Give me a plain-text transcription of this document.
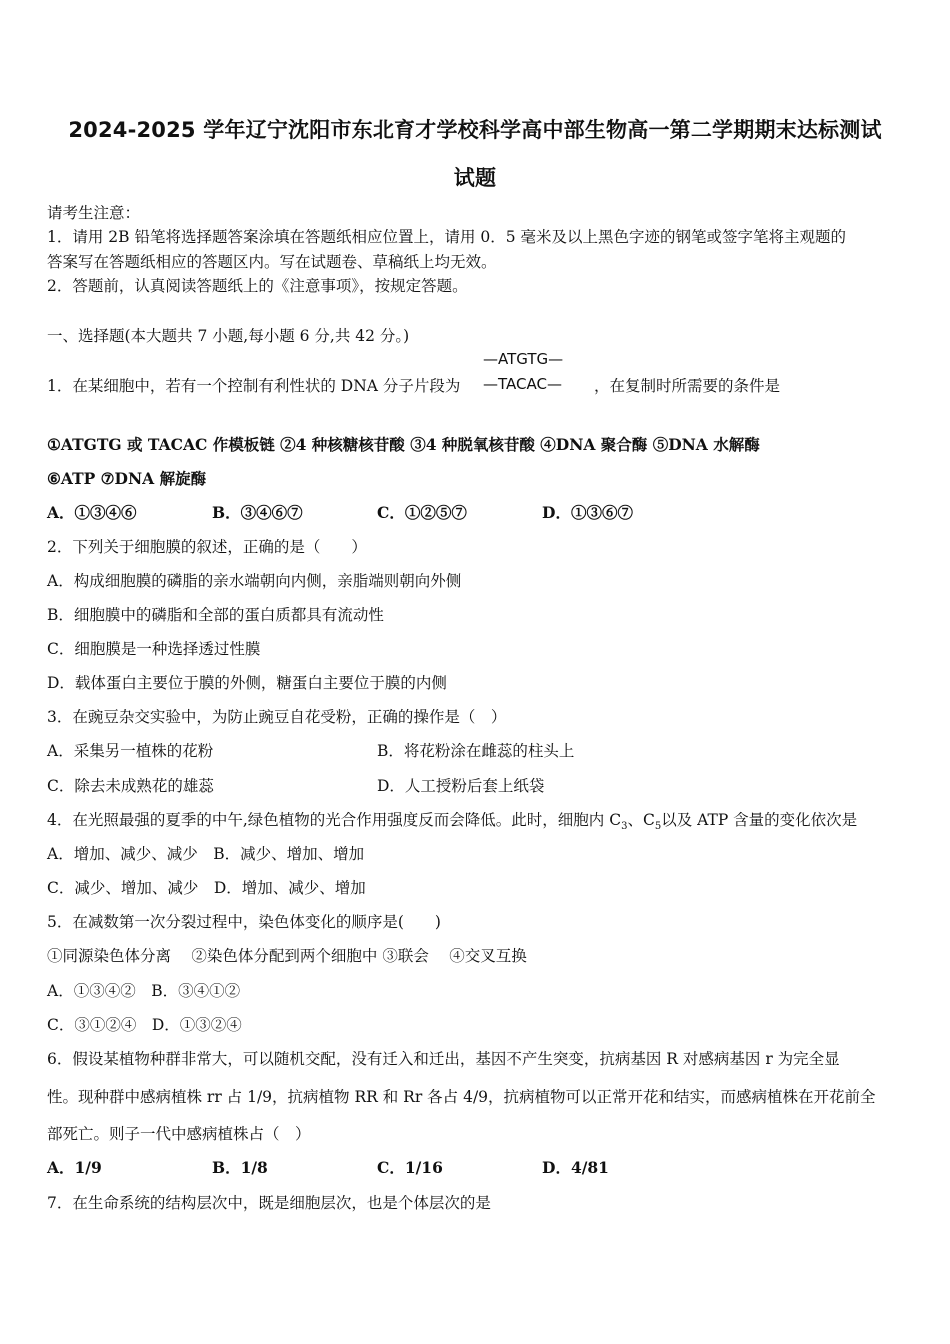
2024-2025 学年辽宁沈阳市东北育才学校科学高中部生物高一第二学期期末达标测试
试题
请考生注意：
1．请用 2B 铅笔将选择题答案涂填在答题纸相应位置上，请用 0．5 毫米及以上黑色字迹的钢笔或签字笔将主观题的
答案写在答题纸相应的答题区内。写在试题卷、草稿纸上均无效。
2．答题前，认真阅读答题纸上的《注意事项》，按规定答题。
一、选择题(本大题共 7 小题,每小题 6 分,共 42 分。)
1．在某细胞中，若有一个控制有利性状的 DNA 分子片段为
—ATGTG—
—TACAC— ，在复制时所需要的条件是
①ATGTG 或 TACAC 作模板链 ②4 种核糖核苷酸 ③4 种脱氧核苷酸 ④DNA 聚合酶 ⑤DNA 水解酶
⑥ATP ⑦DNA 解旋酶
A．①③④⑥	B．③④⑥⑦	C．①②⑤⑦	D．①③⑥⑦
2．下列关于细胞膜的叙述，正确的是（　　）
A．构成细胞膜的磷脂的亲水端朝向内侧，亲脂端则朝向外侧
B．细胞膜中的磷脂和全部的蛋白质都具有流动性
C．细胞膜是一种选择透过性膜
D．载体蛋白主要位于膜的外侧，糖蛋白主要位于膜的内侧
3．在豌豆杂交实验中，为防止豌豆自花受粉，正确的操作是（　）
A．采集另一植株的花粉	B．将花粉涂在雌蕊的柱头上
C．除去未成熟花的雄蕊	D．人工授粉后套上纸袋
4．在光照最强的夏季的中午,绿色植物的光合作用强度反而会降低。此时，细胞内 $C_3$、$C_5$以及 ATP 含量的变化依次是
A．增加、减少、减少　B．减少、增加、增加
C．减少、增加、减少　D．增加、减少、增加
5．在减数第一次分裂过程中，染色体变化的顺序是(　　)
①同源染色体分离　 ②染色体分配到两个细胞中 ③联会　 ④交叉互换
A．①③④②　B．③④①②
C．③①②④　D．①③②④
6．假设某植物种群非常大，可以随机交配，没有迁入和迁出，基因不产生突变，抗病基因 R 对感病基因 r 为完全显
性。现种群中感病植株 rr 占 1/9，抗病植物 RR 和 Rr 各占 4/9，抗病植物可以正常开花和结实，而感病植株在开花前全
部死亡。则子一代中感病植株占（　）
A．1/9	B．1/8	C．1/16	D．4/81
7．在生命系统的结构层次中，既是细胞层次，也是个体层次的是
